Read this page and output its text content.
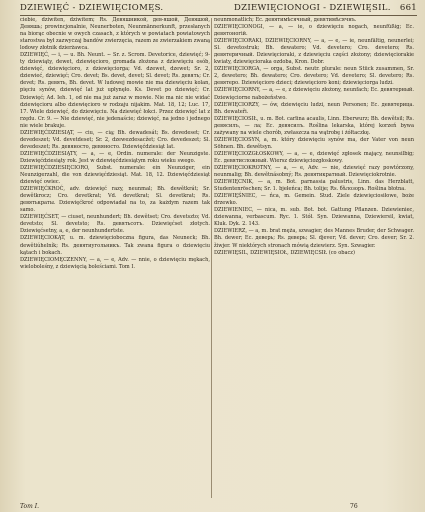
DZIEWIĘĆ - DZIEWIĘCIOMĘS.	DZIEWIĘCIONOGI - DZIEWIĘSIL. 661

ciebie, dziwiten, dziwitem; Rs. Девяшникой, дев-яшой, Девяшой, Девяшь; prowincjonalnie, Neunerboten, Neunmännerkunft, przesłanych na biorąc obecnie w owych czasach, z których w powiatach powiatowych starostwa był zazwyczaj bandów zwierzęcia, razem ze zwierzakiem zwaną lodowy złotnik dzierżawca.

DZIEWIĘĆ, — i, — u. Bh. Neunt. ∼ Sr. z. Scrom. Devetorice, dziewięć; 9-ty dziewiąty, dewet, dziewięcioro, gromada złożona z dziewięciu osób, dziewięć, dziewięcioro, z dziewięciorga; Vd. dzewet, dzewet; Sr. 2, dziewieć, dziewięć; Cro. devet; Bs. devet, devet; Sl. devet; Rs. девять; Cr. devet; Rs. девять, Bh. devet. W ludowej mowie nie ma dziewięciu kolan, pięciu synów, dziewięć lat już upłynęło. Ks. Devet po dziewięć; Cr. Dziewięć; Ad. Ieh. 1, od nie ma już zaraz w mowie. Nie ma nic nie widać dziewięcioru albo dziewięcioro w rodzaju nijakim. Mat. 18, 12; Luc. 17, 17. Wiele dziewięć, do dziewięciu. Na dziewięć łokci. Przez dziewięć lat z rzędu. Cr. 9. — Nie dziewięć, nie jedenaście; dziewięć, na jedno i jednego nie wiele brakuje.

DZIEWIĘĆDZIESIĄT, — ciu, — cią; Bh. dewadesát; Bs. devedeset; Cr. devedeszet; Vd. devetdeset; Sr. 2, dzewezdesacžet; Cro. devedeszet; Sl. devedeszet; Rs. девяносто, девяносто. Dziewięćdziesiąt lat.

DZIEWIĘĆDZIESIĄTY, — a, — e, Ordin. numerale: der Neunzigste. Dziewięćdziesiąty rok. Jest w dziewięćdziesiątym roku wieku swego.

DZIEWIĘĆDZIESIĘCIORO, Subst. numerale: ein Neunziger, ein Neunzigerzahl, die von dziewięćdziesiąt. Mat. 18, 12. Dziewięćdziesiąt dziewięć owiec.

DZIEWIĘĆKROĆ, adv. dziewięć razy, neunmal; Bh. dewětkrát; Sr. dewětkrocz; Cro. devetkrat; Vd. devetkrat; Sl. devetkrat; Rs. девятькраты. Dziewięćkroć odpowiadał na to, za każdym razem tak samo.

DZIEWIĘĆSET, — ciuset, neunhundert; Bh. dewětset; Cro. devetszto; Vd. devetsto; Sl. devetsto; Rs. девятьсотъ. Dziewięćset złotych. Dziewięćsetny, a, e, der neunhundertste.

DZIEWIĘCIOKĄT, u. m. dziewięcioboczna figura, das Neuneck; Bh. dewětiúhelník; Rs. девятиугольникъ. Tak zwana figura o dziewięciu kątach i bokach.

DZIEWIĘCIOMĘCZENNY, — a, — e, Adv. — nnie, o dziewięciu mękach, wieloboleśny, z dziewięcią boleściami. Tom I.

neunmonatlich; Ec. девятимѣсячный, девятимѣсячнъ.

DZIEWIĘCIONOGI, — a, — ie, o dziewięciu nogach, neunfüßig; Ec. девятоногій.

DZIEWIĘCIORAKI, DZIEWIĘCIORNY, — a, — e, — ie, neunfältig, neunerlei; Sl. devetostruk; Bh. dewatero; Vd. devetero; Cro. devetero; Rs. девятеричный. Dziewięcioraki, z dziewięciu części złożony; dziewięciorakie kwiaty, dziewięcioraka ozdoba, Kron. Dobr.

DZIEWIĘCIORGA, — orga, Subst. neutr. plurale: neun Stück zusammen, Sr. 2, dewetero; Bh. dewatero; Cro. devetero; Vd. devetero; Sl. devetero; Rs. девятеро. Dziewięcioro dzieci; dziewięcioro koni; dziewięciorga ludzi.

DZIEWIĘCIORNY, — a, — e, z dziewięciu złożony, neunfach; Ec. девятерный. Dziewięciorne nabożeństwo.

DZIEWIĘCIORZY, — ów, dziewięciu ludzi, neun Personen; Ec. девятерица. Bh. dewateři.

DZIEWIĘCIOSIŁ, u. m. Bot. carlina acaulis, Linn. Eberwurz; Bh. dewětsil; Rs. девясилъ, — ла; Ec. девясилъ. Roślina lekarska, której korzeń bywa zażywany na wiele chorób, zwłaszcza na wątrobę i żółtaczkę.

DZIEWIĘCIOSYN, a, m. który dziewięciu synów ma, der Vater von neun Söhnen. Bh. dewětsyn.

DZIEWIĘCIOZGŁOSKOWY, — a, — e, dziewięć zgłosek mający, neunsilbig; Ec. девятисложный. Wiersz dziewięciozgłoskowy.

DZIEWIĘCIOKROTNY, — a, — e, Adv. — nie, dziewięć razy powtórzony, neunmalig; Bh. dewětnásobný; Rs. девятикратный. Dziewięciokrotnie.

DZIEWIĘCNIK, — a, m. Bot. parnassia palustris, Linn. das Herzblatt, Studentenröschen; Sr. 1. bjełeńca; Bh. tolije; Rs. бѣлозоръ. Roślina błotna.

DZIEWIĘŚNIEC, — ńca, m. Gemein. Stud. Ziele dziewięciosiłowe, boże drzewko.

DZIEWIENIEC, — nica, m. sub. Bot. bot. Gattung Pflanzen. Dziewieniec, dziewanna, verbascum. Ryc. 1. Stół. Syn. Dziewanna, Dziewiersil, kwiat, Kluk. Dyk. 2. 143.

DZIEWIERZ, — a, m. brat męża, szwagier, des Mannes Bruder, der Schwager. Bh. dewer; Ec. деверь; Rs. деверь; Sl. djever; Vd. dever; Cro. dever; Sr. 2. žiwjer. W niektórych stronach mówią dziewierz. Syn. Szwagier.

DZIEWIĘSIL, DZIEWIĘSIOŁ, DZIEWIĘCSIŁ (co obacz)

Tom I.	76
